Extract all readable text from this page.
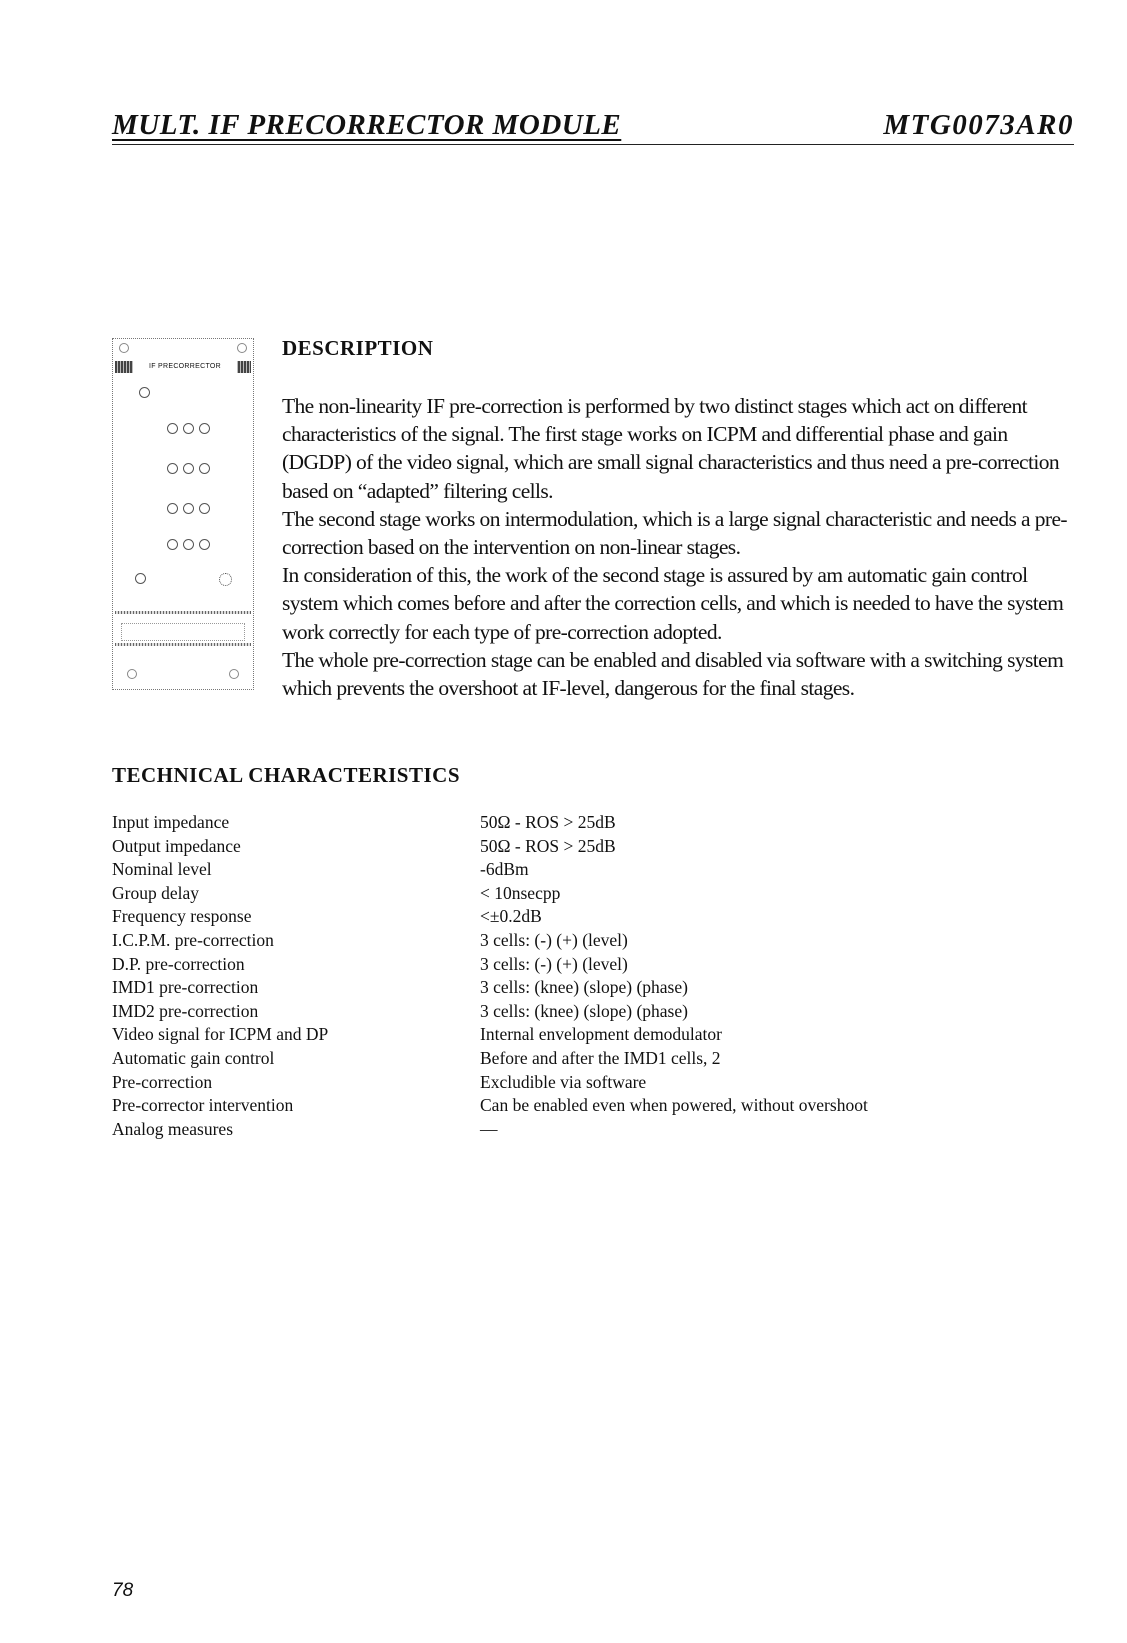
MULT. IF PRECORRECTOR MODULE	MTG0073AR0
IF PRECORRECTOR
DESCRIPTION

The non-linearity IF pre-correction is performed by two distinct stages which act on different characteristics of the signal. The first stage works on ICPM and differential phase and gain (DGDP) of the video signal, which are small signal characteristics and thus need a pre-correction based on “adapted” filtering cells.

The second stage works on intermodulation, which is a large signal characteristic and needs a pre-correction based on the intervention on non-linear stages.

In consideration of this, the work of the second stage is assured by am automatic gain control system which comes before and after the correction cells, and which is needed to have the system work correctly for each type of pre-correction adopted.

The whole pre-correction stage can be enabled and disabled via software with a switching system which prevents the overshoot at IF-level, dangerous for the final stages.

TECHNICAL CHARACTERISTICS
Input impedance	50Ω - ROS > 25dB
Output impedance	50Ω - ROS > 25dB
Nominal level	-6dBm
Group delay	< 10nsecpp
Frequency response	<±0.2dB
I.C.P.M. pre-correction	3 cells: (-) (+) (level)
D.P. pre-correction	3 cells: (-) (+) (level)
IMD1 pre-correction	3 cells: (knee) (slope) (phase)
IMD2 pre-correction	3 cells: (knee) (slope) (phase)
Video signal for ICPM and DP	Internal envelopment demodulator
Automatic gain control	Before and after the IMD1 cells, 2
Pre-correction	Excludible via software
Pre-corrector intervention	Can be enabled even when powered, without overshoot
Analog measures	—
78
